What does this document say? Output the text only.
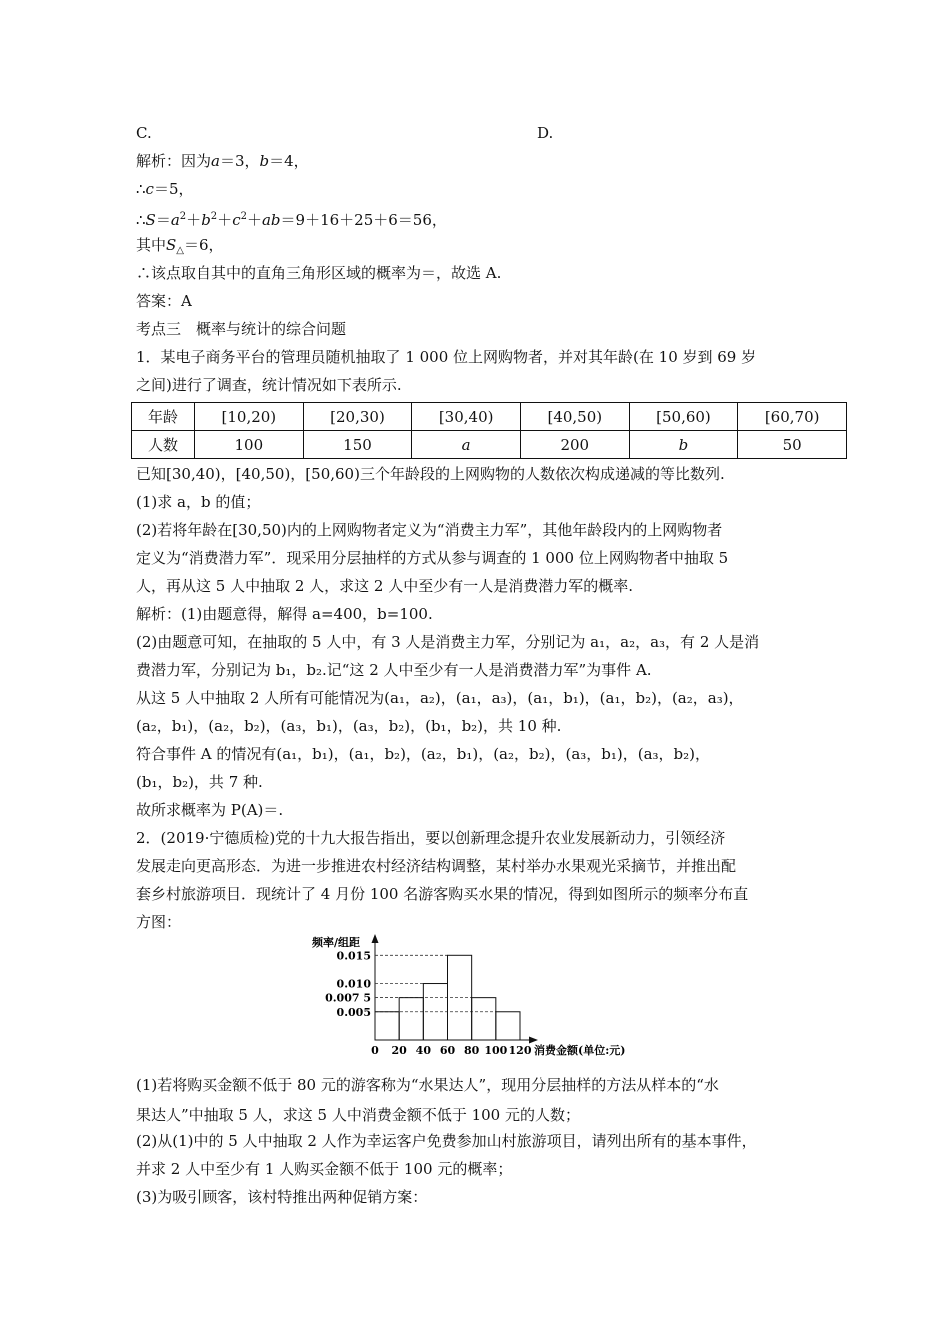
C.	D.
解析：因为a＝3，b＝4，
∴c＝5，
$\therefore S=a^2+b^2+c^2+ab=9+16+25+6=56$，
其中$S_\triangle=6$，
∴该点取自其中的直角三角形区域的概率为＝，故选 A.
答案：A
考点三　概率与统计的综合问题
1．某电子商务平台的管理员随机抽取了 1 000 位上网购物者，并对其年龄(在 10 岁到 69 岁
之间)进行了调查，统计情况如下表所示.
年龄	[10,20)	[20,30)	[30,40)	[40,50)	[50,60)	[60,70)
人数	100	150	a	200	b	50
已知[30,40)，[40,50)，[50,60)三个年龄段的上网购物的人数依次构成递减的等比数列.
(1)求 a，b 的值；
(2)若将年龄在[30,50)内的上网购物者定义为“消费主力军”，其他年龄段内的上网购物者
定义为“消费潜力军”．现采用分层抽样的方式从参与调查的 1 000 位上网购物者中抽取 5
人，再从这 5 人中抽取 2 人，求这 2 人中至少有一人是消费潜力军的概率.
解析：(1)由题意得，解得 a=400，b=100.
(2)由题意可知，在抽取的 5 人中，有 3 人是消费主力军，分别记为 a₁，a₂，a₃，有 2 人是消
费潜力军，分别记为 b₁，b₂.记“这 2 人中至少有一人是消费潜力军”为事件 A.
从这 5 人中抽取 2 人所有可能情况为(a₁，a₂)，(a₁，a₃)，(a₁，b₁)，(a₁，b₂)，(a₂，a₃)，
(a₂，b₁)，(a₂，b₂)，(a₃，b₁)，(a₃，b₂)，(b₁，b₂)，共 10 种.
符合事件 A 的情况有(a₁，b₁)，(a₁，b₂)，(a₂，b₁)，(a₂，b₂)，(a₃，b₁)，(a₃，b₂)，
(b₁，b₂)，共 7 种.
故所求概率为 P(A)＝.
2．(2019·宁德质检)党的十九大报告指出，要以创新理念提升农业发展新动力，引领经济
发展走向更高形态．为进一步推进农村经济结构调整，某村举办水果观光采摘节，并推出配
套乡村旅游项目．现统计了 4 月份 100 名游客购买水果的情况，得到如图所示的频率分布直
方图：
频率/组距
消费金额(单位:元)
0.015
0.010
0.007 5
0.005
0 20 40 60 80 100 120
(1)若将购买金额不低于 80 元的游客称为“水果达人”，现用分层抽样的方法从样本的“水
果达人”中抽取 5 人，求这 5 人中消费金额不低于 100 元的人数；
(2)从(1)中的 5 人中抽取 2 人作为幸运客户免费参加山村旅游项目，请列出所有的基本事件，
并求 2 人中至少有 1 人购买金额不低于 100 元的概率；
(3)为吸引顾客，该村特推出两种促销方案：
